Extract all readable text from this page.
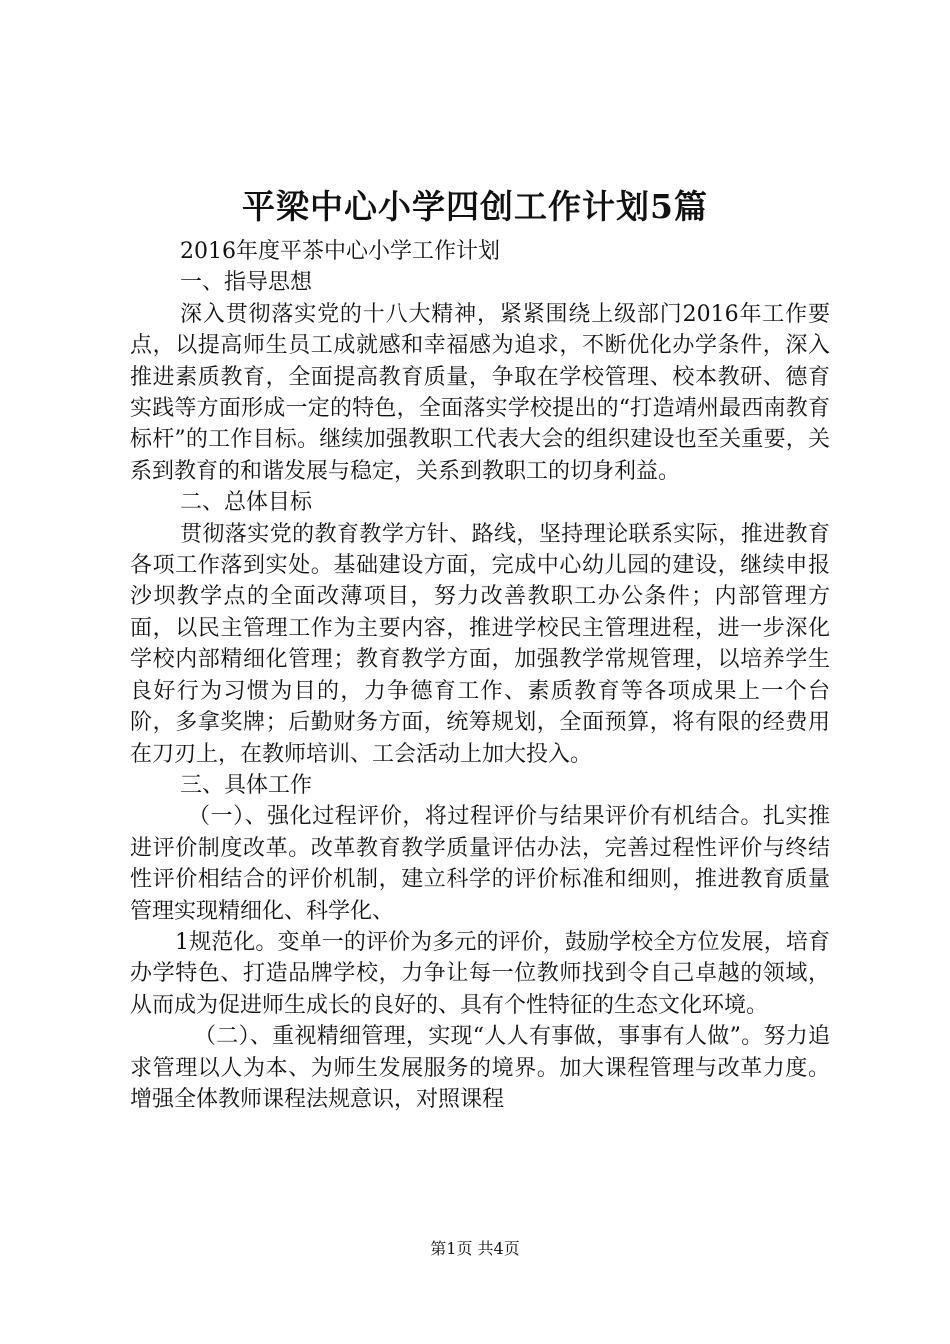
平梁中心小学四创工作计划5篇

2016年度平茶中心小学工作计划

一、指导思想

深入贯彻落实党的十八大精神，紧紧围绕上级部门2016年工作要点，以提高师生员工成就感和幸福感为追求，不断优化办学条件，深入推进素质教育，全面提高教育质量，争取在学校管理、校本教研、德育实践等方面形成一定的特色，全面落实学校提出的“打造靖州最西南教育标杆”的工作目标。继续加强教职工代表大会的组织建设也至关重要，关系到教育的和谐发展与稳定，关系到教职工的切身利益。

二、总体目标

贯彻落实党的教育教学方针、路线，坚持理论联系实际，推进教育各项工作落到实处。基础建设方面，完成中心幼儿园的建设，继续申报沙坝教学点的全面改薄项目，努力改善教职工办公条件；内部管理方面，以民主管理工作为主要内容，推进学校民主管理进程，进一步深化学校内部精细化管理；教育教学方面，加强教学常规管理，以培养学生良好行为习惯为目的，力争德育工作、素质教育等各项成果上一个台阶，多拿奖牌；后勤财务方面，统筹规划，全面预算，将有限的经费用在刀刃上，在教师培训、工会活动上加大投入。

三、具体工作

（一）、强化过程评价，将过程评价与结果评价有机结合。扎实推进评价制度改革。改革教育教学质量评估办法，完善过程性评价与终结性评价相结合的评价机制，建立科学的评价标准和细则，推进教育质量管理实现精细化、科学化、

1规范化。变单一的评价为多元的评价，鼓励学校全方位发展，培育办学特色、打造品牌学校，力争让每一位教师找到令自己卓越的领域，从而成为促进师生成长的良好的、具有个性特征的生态文化环境。

（二）、重视精细管理，实现“人人有事做，事事有人做”。努力追求管理以人为本、为师生发展服务的境界。加大课程管理与改革力度。增强全体教师课程法规意识，对照课程

第1页 共4页
